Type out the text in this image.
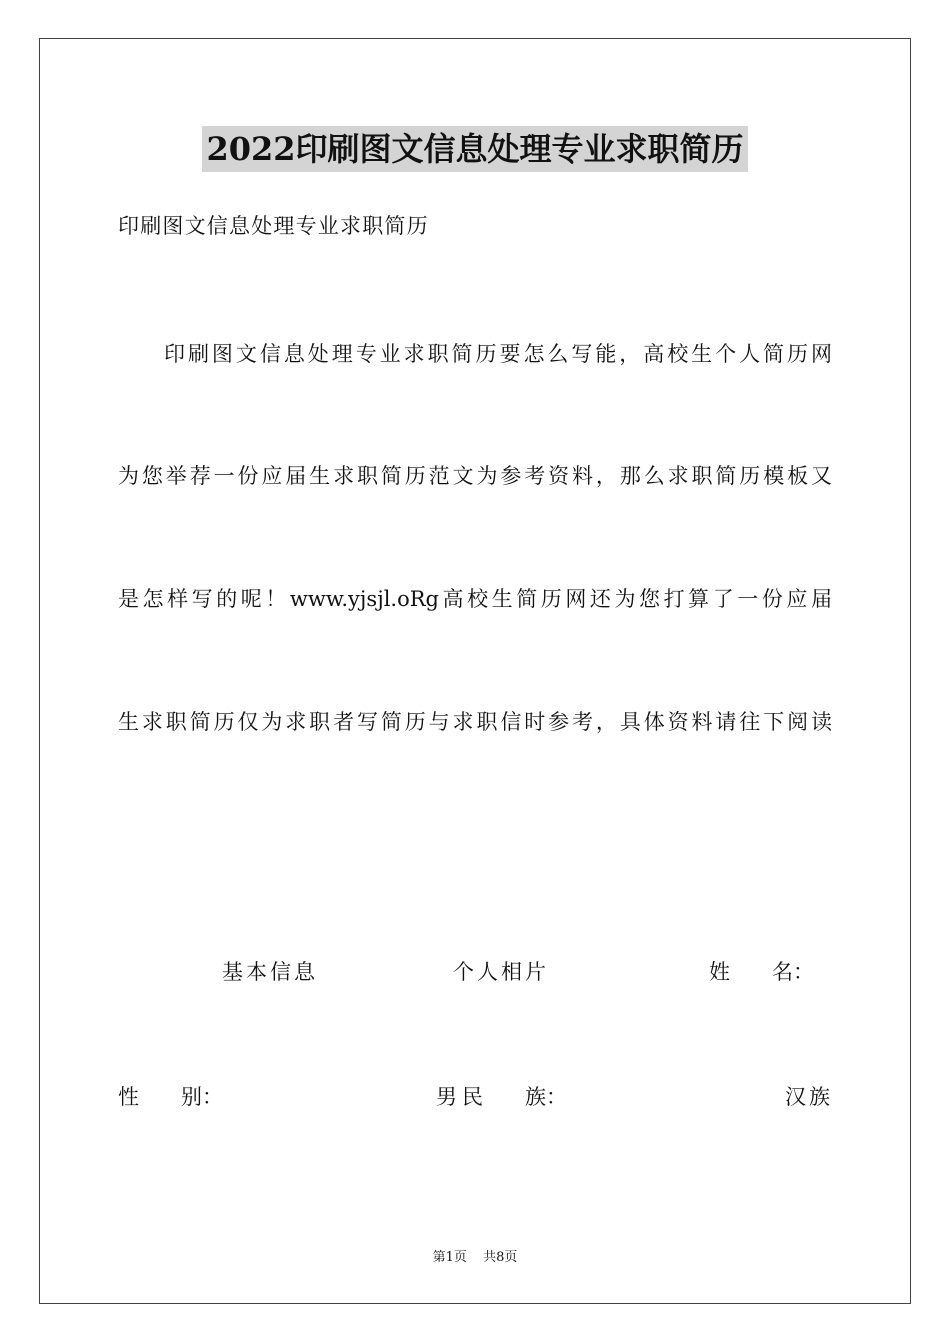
2022印刷图文信息处理专业求职简历
印刷图文信息处理专业求职简历
印刷图文信息处理专业求职简历要怎么写能，高校生个人简历网
为您举荐一份应届生求职简历范文为参考资料，那么求职简历模板又
是怎样写的呢！www.yjsjl.oRg高校生简历网还为您打算了一份应届
生求职简历仅为求职者写简历与求职信时参考，具体资料请往下阅读
基本信息	个人相片	姓　　名：
性　　别：	男 民　　族：	汉族
第1页 共8页
